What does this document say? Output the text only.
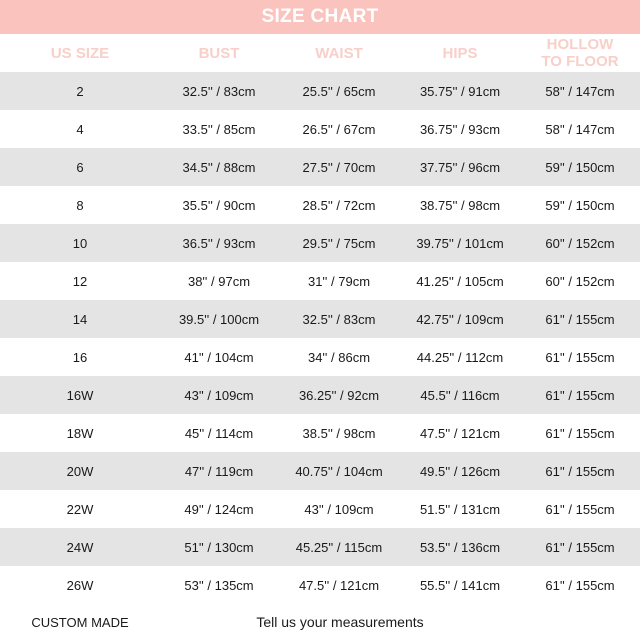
SIZE CHART
US SIZE	BUST	WAIST	HIPS	HOLLOW
TO FLOOR
2	32.5'' / 83cm	25.5'' / 65cm	35.75'' / 91cm	58'' / 147cm
4	33.5'' / 85cm	26.5'' / 67cm	36.75'' / 93cm	58'' / 147cm
6	34.5'' / 88cm	27.5'' / 70cm	37.75'' / 96cm	59'' / 150cm
8	35.5'' / 90cm	28.5'' / 72cm	38.75'' / 98cm	59'' / 150cm
10	36.5'' / 93cm	29.5'' / 75cm	39.75'' / 101cm	60'' / 152cm
12	38'' / 97cm	31'' / 79cm	41.25'' / 105cm	60'' / 152cm
14	39.5'' / 100cm	32.5'' / 83cm	42.75'' / 109cm	61'' / 155cm
16	41'' / 104cm	34'' / 86cm	44.25'' / 112cm	61'' / 155cm
16W	43'' / 109cm	36.25'' / 92cm	45.5'' / 116cm	61'' / 155cm
18W	45'' / 114cm	38.5'' / 98cm	47.5'' / 121cm	61'' / 155cm
20W	47'' / 119cm	40.75'' / 104cm	49.5'' / 126cm	61'' / 155cm
22W	49'' / 124cm	43'' / 109cm	51.5'' / 131cm	61'' / 155cm
24W	51'' / 130cm	45.25'' / 115cm	53.5'' / 136cm	61'' / 155cm
26W	53'' / 135cm	47.5'' / 121cm	55.5'' / 141cm	61'' / 155cm
CUSTOM MADE	Tell us your measurements
